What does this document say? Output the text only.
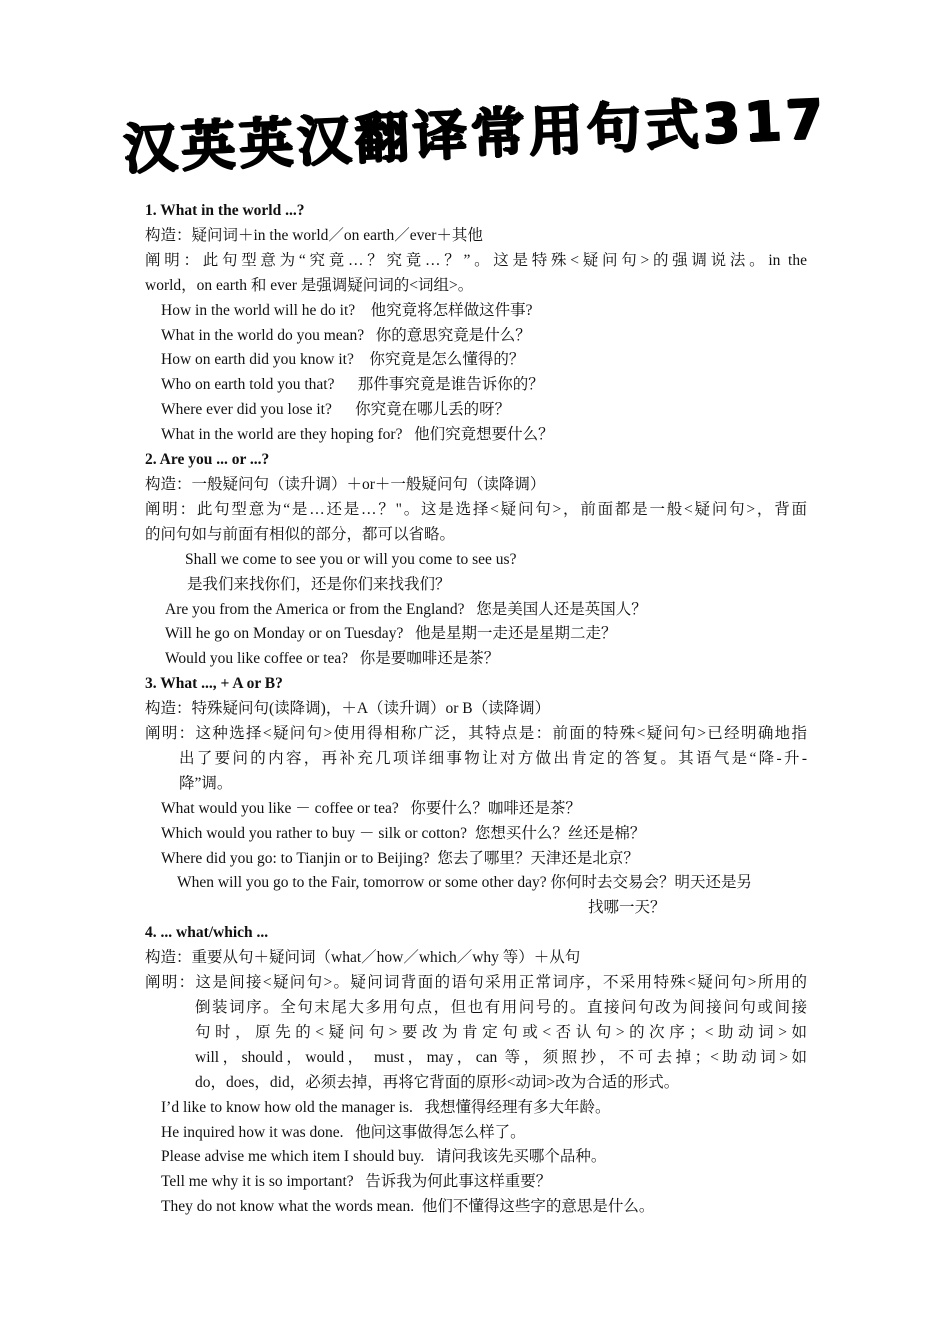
汉英英汉翻译常用句式317
1. What in the world ...?
构造：疑问词＋in the world／on earth／ever＋其他
阐明：此句型意为“究竟…？究竟…？”。这是特殊<疑问句>的强调说法。in the
world，on earth 和 ever 是强调疑问词的<词组>。
How in the world will he do it?    他究竟将怎样做这件事?
What in the world do you mean?   你的意思究竟是什么？
How on earth did you know it?    你究竟是怎么懂得的？
Who on earth told you that?      那件事究竟是谁告诉你的？
Where ever did you lose it?      你究竟在哪儿丢的呀？
What in the world are they hoping for?   他们究竟想要什么？
2. Are you ... or ...?
构造：一般疑问句（读升调）＋or＋一般疑问句（读降调）
阐明：此句型意为“是…还是…？"。这是选择<疑问句>，前面都是一般<疑问句>，背面
的问句如与前面有相似的部分，都可以省略。
Shall we come to see you or will you come to see us?
是我们来找你们，还是你们来找我们？
Are you from the America or from the England?   您是美国人还是英国人？
Will he go on Monday or on Tuesday?   他是星期一走还是星期二走？
Would you like coffee or tea?   你是要咖啡还是茶？
3. What ..., + A or B?
构造：特殊疑问句(读降调)，＋A（读升调）or B（读降调）
阐明：这种选择<疑问句>使用得相称广泛，其特点是：前面的特殊<疑问句>已经明确地指
出了要问的内容，再补充几项详细事物让对方做出肯定的答复。其语气是“降-升-
降”调。
What would you like － coffee or tea?   你要什么？咖啡还是茶？
Which would you rather to buy － silk or cotton?  您想买什么？丝还是棉？
Where did you go: to Tianjin or to Beijing?  您去了哪里？天津还是北京？
When will you go to the Fair, tomorrow or some other day? 你何时去交易会？明天还是另
找哪一天？
4. ... what/which ...
构造：重要从句＋疑问词（what／how／which／why 等）＋从句
阐明：这是间接<疑问句>。疑问词背面的语句采用正常词序，不采用特殊<疑问句>所用的
倒装词序。全句末尾大多用句点，但也有用问号的。直接问句改为间接问句或间接
句时，原先的<疑问句>要改为肯定句或<否认句>的次序；<助动词>如
will，should，would， must，may，can 等，须照抄，不可去掉；<助动词>如
do，does，did，必须去掉，再将它背面的原形<动词>改为合适的形式。
I’d like to know how old the manager is.   我想懂得经理有多大年龄。
He inquired how it was done.   他问这事做得怎么样了。
Please advise me which item I should buy.   请问我该先买哪个品种。
Tell me why it is so important?   告诉我为何此事这样重要？
They do not know what the words mean.  他们不懂得这些字的意思是什么。
